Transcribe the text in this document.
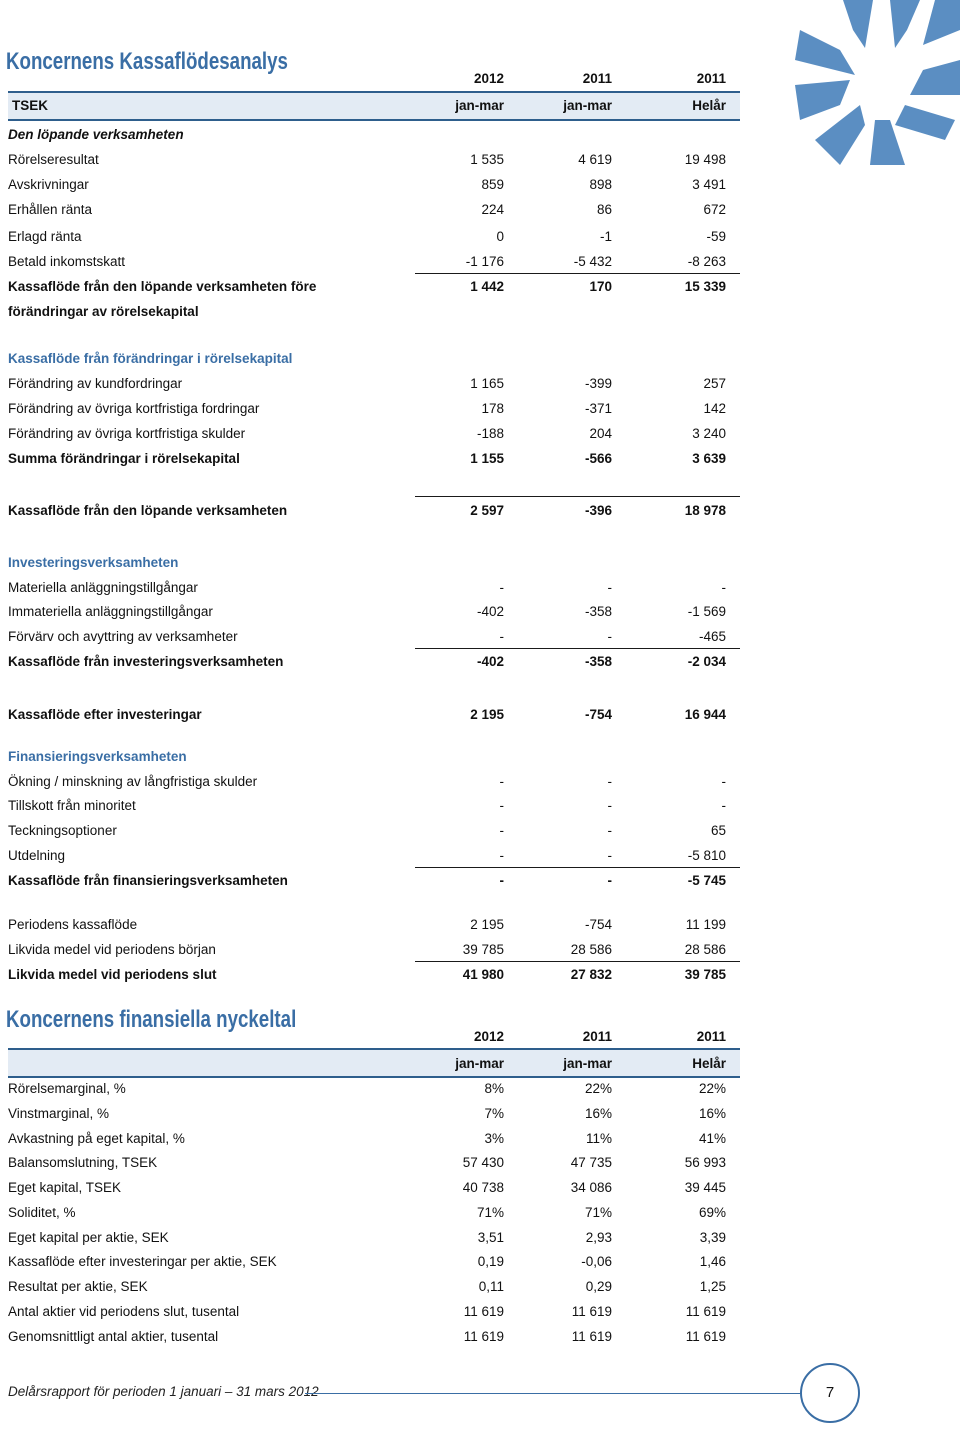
Koncernens Kassaflödesanalys
2012	2011	2011
TSEK	jan-mar	jan-mar	Helår
Den löpande verksamheten
Rörelseresultat	1 535	4 619	19 498
Avskrivningar	859	898	3 491
Erhållen ränta	224	86	672
Erlagd ränta	0	-1	-59
Betald inkomstskatt	-1 176	-5 432	-8 263
Kassaflöde från den löpande verksamheten före	1 442	170	15 339
förändringar av rörelsekapital
Kassaflöde från förändringar i rörelsekapital
Förändring av kundfordringar	1 165	-399	257
Förändring av övriga kortfristiga fordringar	178	-371	142
Förändring av övriga kortfristiga skulder	-188	204	3 240
Summa förändringar i rörelsekapital	1 155	-566	3 639
Kassaflöde från den löpande verksamheten	2 597	-396	18 978
Investeringsverksamheten
Materiella anläggningstillgångar	-	-	-
Immateriella anläggningstillgångar	-402	-358	-1 569
Förvärv och avyttring av verksamheter	-	-	-465
Kassaflöde från investeringsverksamheten	-402	-358	-2 034
Kassaflöde efter investeringar	2 195	-754	16 944
Finansieringsverksamheten
Ökning / minskning av långfristiga skulder	-	-	-
Tillskott från minoritet	-	-	-
Teckningsoptioner	-	-	65
Utdelning	-	-	-5 810
Kassaflöde från finansieringsverksamheten	-	-	-5 745
Periodens kassaflöde	2 195	-754	11 199
Likvida medel vid periodens början	39 785	28 586	28 586
Likvida medel vid periodens slut	41 980	27 832	39 785
Koncernens finansiella nyckeltal
2012	2011	2011
jan-mar	jan-mar	Helår
Rörelsemarginal, %	8%	22%	22%
Vinstmarginal, %	7%	16%	16%
Avkastning på eget kapital, %	3%	11%	41%
Balansomslutning, TSEK	57 430	47 735	56 993
Eget kapital, TSEK	40 738	34 086	39 445
Soliditet, %	71%	71%	69%
Eget kapital per aktie, SEK	3,51	2,93	3,39
Kassaflöde efter investeringar per aktie, SEK	0,19	-0,06	1,46
Resultat per aktie, SEK	0,11	0,29	1,25
Antal aktier vid periodens slut, tusental	11 619	11 619	11 619
Genomsnittligt antal aktier, tusental	11 619	11 619	11 619
Delårsrapport för perioden 1 januari – 31 mars 2012	7
